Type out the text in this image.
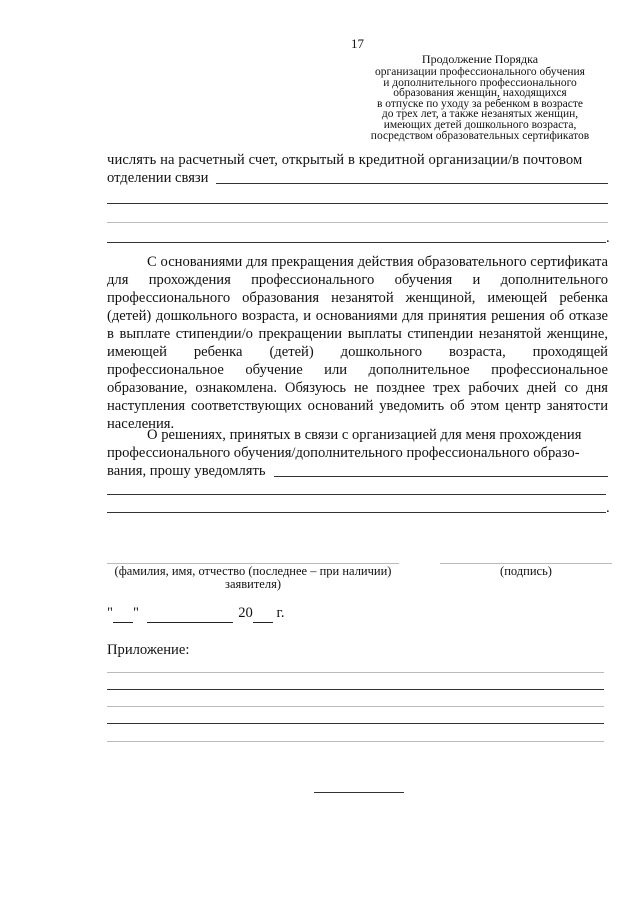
17
Продолжение Порядка
организации профессионального обучения
и дополнительного профессионального
образования женщин, находящихся
в отпуске по уходу за ребенком в возрасте
до трех лет, а также незанятых женщин,
имеющих детей дошкольного возраста,
посредством образовательных сертификатов
числять на расчетный счет, открытый в кредитной организации/в почтовом
отделении связи
.
С основаниями для прекращения действия образовательного сертификата для прохождения профессионального обучения и дополнительного профессионального образования незанятой женщиной, имеющей ребенка (детей) дошкольного возраста, и основаниями для принятия решения об отказе в выплате стипендии/о прекращении выплаты стипендии незанятой женщине, имеющей ребенка (детей) дошкольного возраста, проходящей профессиональное обучение или дополнительное профессиональное образование, ознакомлена. Обязуюсь не позднее трех рабочих дней со дня наступления соответствующих оснований уведомить об этом центр занятости населения.
О решениях, принятых в связи с организацией для меня прохождения
профессионального обучения/дополнительного профессионального образо-
вания, прошу уведомлять
.
(фамилия, имя, отчество (последнее – при наличии)
заявителя)
(подпись)
" "	20 г.
Приложение:
